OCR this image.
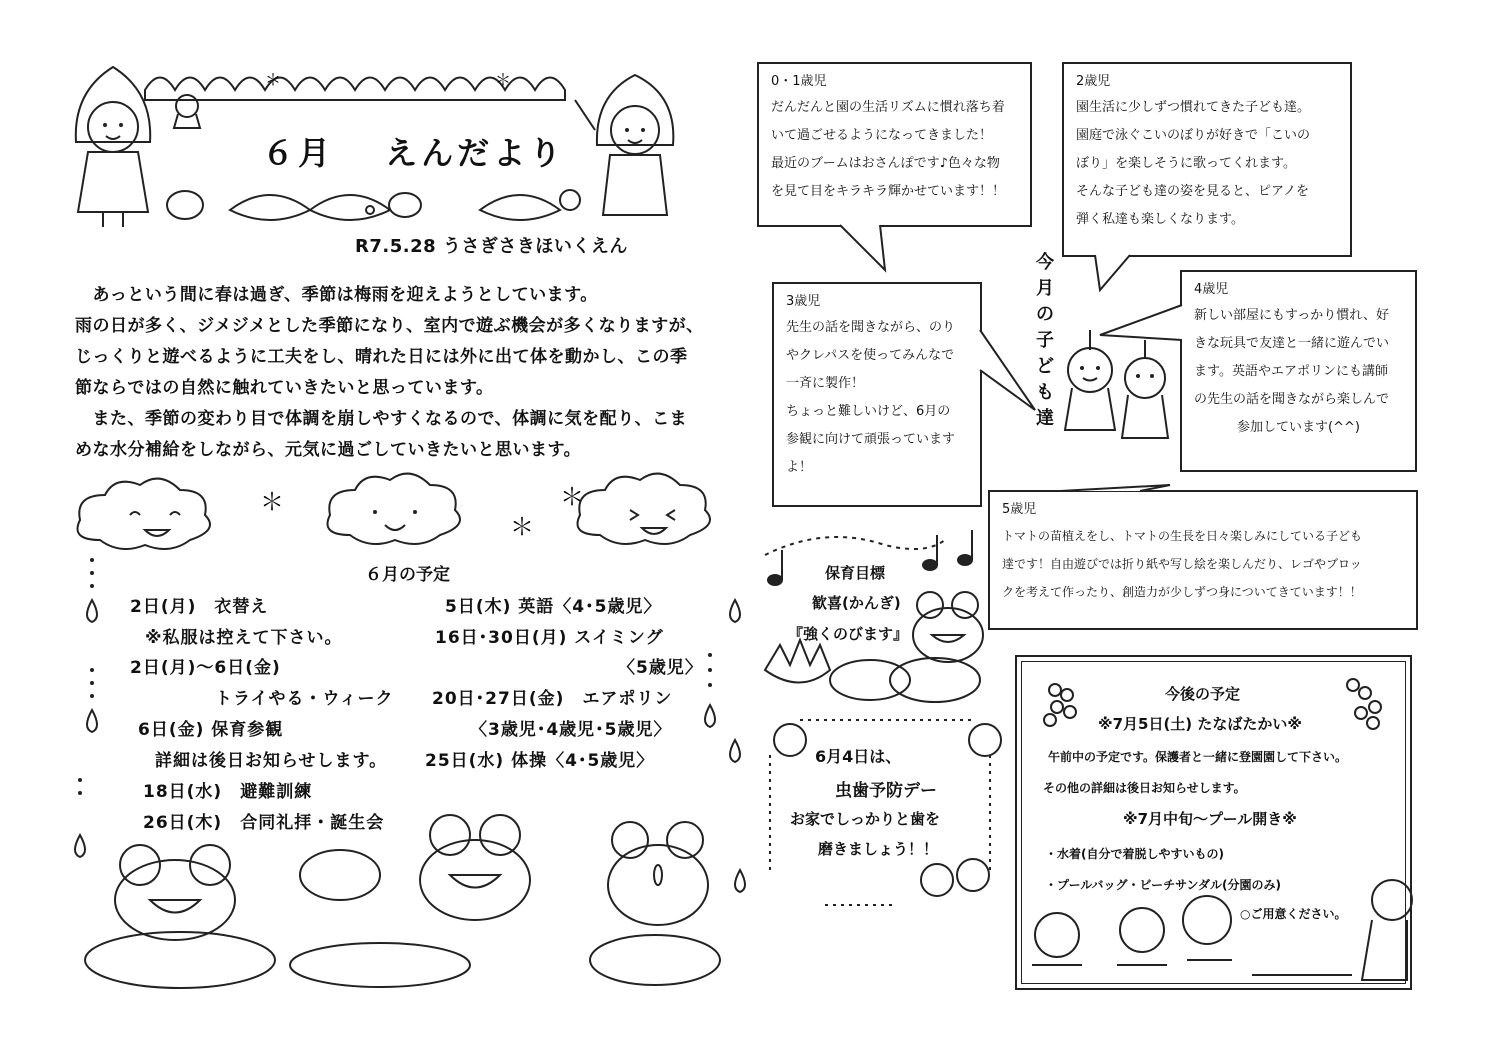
＊	＊
６月　 えんだより
R7.5.28 うさぎさきほいくえん

　あっという間に春は過ぎ、季節は梅雨を迎えようとしています。

雨の日が多く、ジメジメとした季節になり、室内で遊ぶ機会が多くなりますが、

じっくりと遊べるように工夫をし、晴れた日には外に出て体を動かし、この季

節ならではの自然に触れていきたいと思っています。

　また、季節の変わり目で体調を崩しやすくなるので、体調に気を配り、こま

めな水分補給をしながら、元気に過ごしていきたいと思います。

＊
＊
＊
６月の予定
2日(月)　衣替え
※私服は控えて下さい。
2日(月)〜6日(金)
トライやる・ウィーク
6日(金) 保育参観
詳細は後日お知らせします。
18日(水)　避難訓練
26日(木)　合同礼拝・誕生会
5日(木) 英語〈4･5歳児〉
16日･30日(月) スイミング
〈5歳児〉
20日･27日(金)　エアポリン
〈3歳児･4歳児･5歳児〉
25日(水) 体操〈4･5歳児〉
0・1歳児

だんだんと園の生活リズムに慣れ落ち着

いて過ごせるようになってきました！

最近のブームはおさんぽです♪色々な物

を見て目をキラキラ輝かせています！！

2歳児

園生活に少しずつ慣れてきた子ども達。

園庭で泳ぐこいのぼりが好きで「こいの

ぼり」を楽しそうに歌ってくれます。

そんな子ども達の姿を見ると、ピアノを

弾く私達も楽しくなります。

3歳児

先生の話を聞きながら、のり

やクレパスを使ってみんなで

一斉に製作！

ちょっと難しいけど、6月の

参観に向けて頑張っています

よ！

4歳児

新しい部屋にもすっかり慣れ、好

きな玩具で友達と一緒に遊んでい

ます。英語やエアポリンにも講師

の先生の話を聞きながら楽しんで

参加しています(^^)

5歳児

トマトの苗植えをし、トマトの生長を日々楽しみにしている子ども

達です！自由遊びでは折り紙や写し絵を楽しんだり、レゴやブロッ

クを考えて作ったり、創造力が少しずつ身についてきています！！

今
月
の
子
ど
も
達
保育目標
歓喜(かんぎ)
『強くのびます』
6月4日は、
虫歯予防デー
お家でしっかりと歯を
磨きましょう！！
今後の予定
※7月5日(土) たなばたかい※
午前中の予定です。保護者と一緒に登園園して下さい。
その他の詳細は後日お知らせします。
※7月中旬〜プール開き※
・水着(自分で着脱しやすいもの)
・プールバッグ・ビーチサンダル(分園のみ)
○ご用意ください。
